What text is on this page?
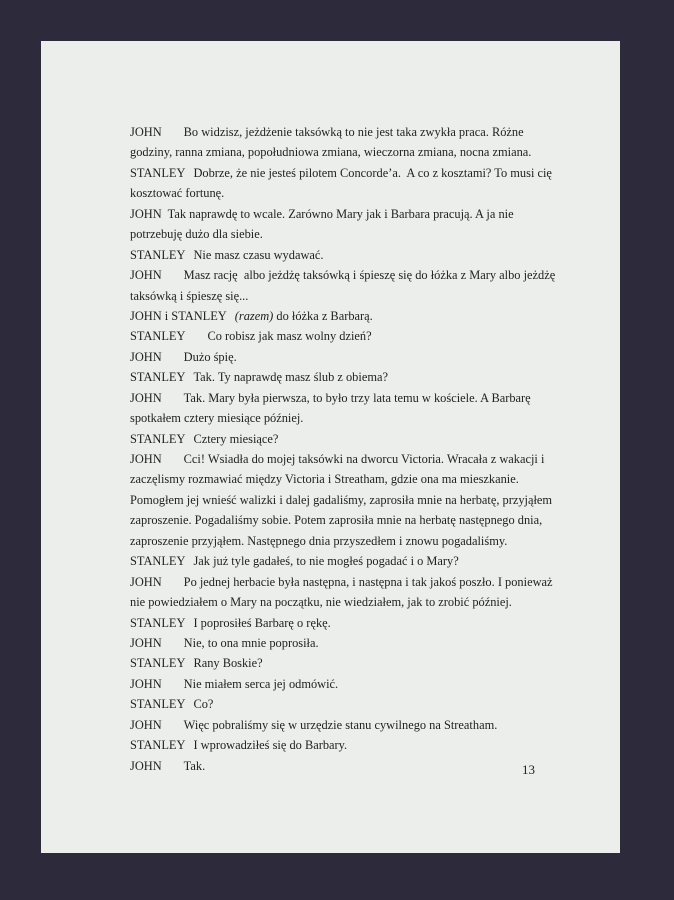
JOHN Bo widzisz, jeżdżenie taksówką to nie jest taka zwykła praca. Różne
godziny, ranna zmiana, popołudniowa zmiana, wieczorna zmiana, nocna zmiana.
STANLEY Dobrze, że nie jesteś pilotem Concorde’a.  A co z kosztami? To musi cię
kosztować fortunę.
JOHN Tak naprawdę to wcale. Zarówno Mary jak i Barbara pracują. A ja nie
potrzebuję dużo dla siebie.
STANLEY Nie masz czasu wydawać.
JOHN Masz rację  albo jeżdżę taksówką i śpieszę się do łóżka z Mary albo jeżdżę
taksówką i śpieszę się...
JOHN i STANLEY (razem) do łóżka z Barbarą.
STANLEY Co robisz jak masz wolny dzień?
JOHN Dużo śpię.
STANLEY Tak. Ty naprawdę masz ślub z obiema?
JOHN Tak. Mary była pierwsza, to było trzy lata temu w kościele. A Barbarę
spotkałem cztery miesiące później.
STANLEY Cztery miesiące?
JOHN Cci! Wsiadła do mojej taksówki na dworcu Victoria. Wracała z wakacji i
zaczęlismy rozmawiać między Victoria i Streatham, gdzie ona ma mieszkanie.
Pomogłem jej wnieść walizki i dalej gadaliśmy, zaprosiła mnie na herbatę, przyjąłem
zaproszenie. Pogadaliśmy sobie. Potem zaprosiła mnie na herbatę następnego dnia,
zaproszenie przyjąłem. Następnego dnia przyszedłem i znowu pogadaliśmy.
STANLEY Jak już tyle gadałeś, to nie mogłeś pogadać i o Mary?
JOHN Po jednej herbacie była następna, i następna i tak jakoś poszło. I ponieważ
nie powiedziałem o Mary na początku, nie wiedziałem, jak to zrobić później.
STANLEY I poprosiłeś Barbarę o rękę.
JOHN Nie, to ona mnie poprosiła.
STANLEY Rany Boskie?
JOHN Nie miałem serca jej odmówić.
STANLEY Co?
JOHN Więc pobraliśmy się w urzędzie stanu cywilnego na Streatham.
STANLEY I wprowadziłeś się do Barbary.
JOHN Tak.	13
